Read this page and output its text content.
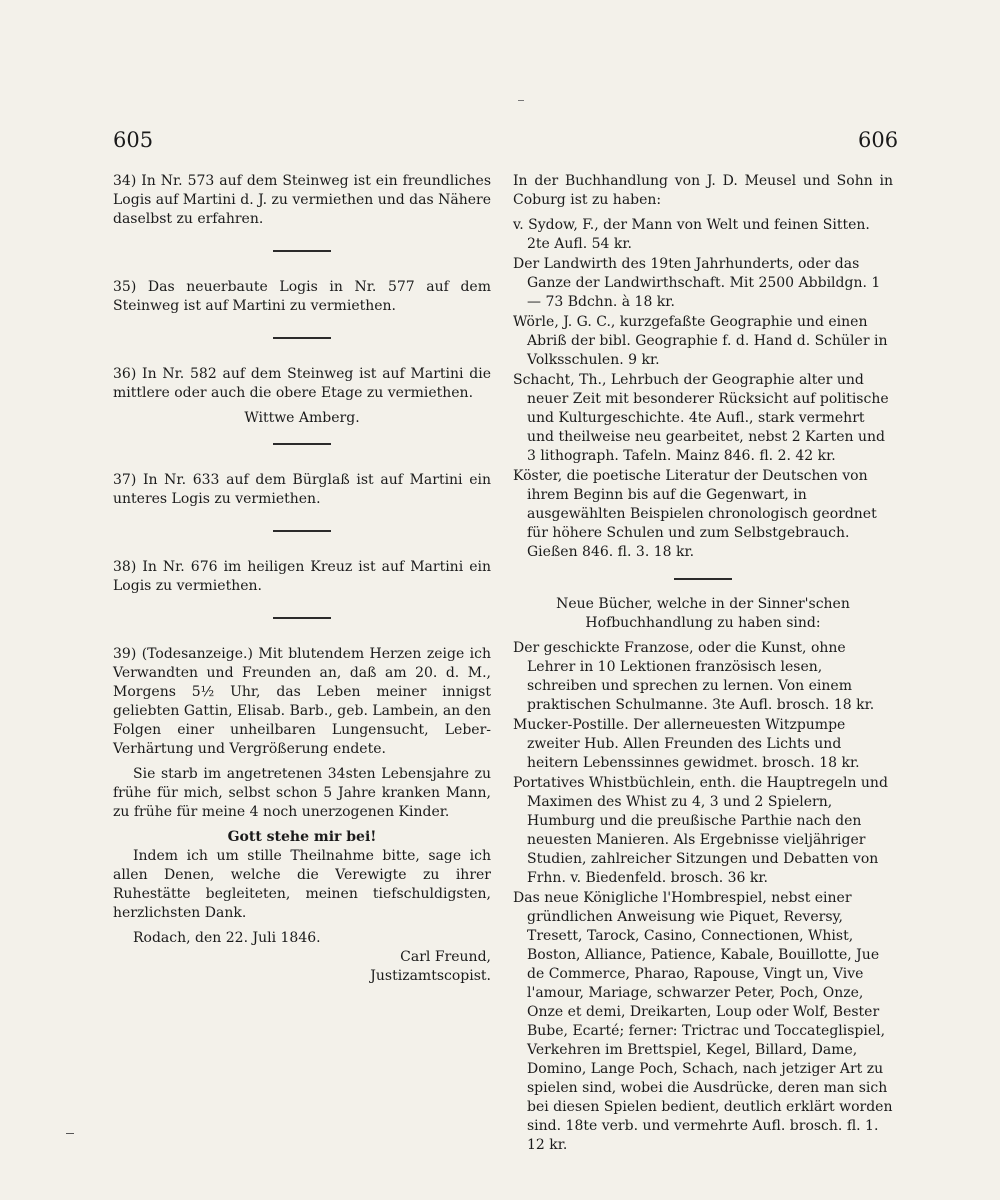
605	606

34) In Nr. 573 auf dem Steinweg ist ein freundliches Logis auf Martini d. J. zu vermiethen und das Nähere daselbst zu erfahren.

35) Das neuerbaute Logis in Nr. 577 auf dem Steinweg ist auf Martini zu vermiethen.

36) In Nr. 582 auf dem Steinweg ist auf Martini die mittlere oder auch die obere Etage zu vermiethen.

Wittwe Amberg.

37) In Nr. 633 auf dem Bürglaß ist auf Martini ein unteres Logis zu vermiethen.

38) In Nr. 676 im heiligen Kreuz ist auf Martini ein Logis zu vermiethen.

39) (Todesanzeige.) Mit blutendem Herzen zeige ich Verwandten und Freunden an, daß am 20. d. M., Morgens 5½ Uhr, das Leben meiner innigst geliebten Gattin, Elisab. Barb., geb. Lambein, an den Folgen einer unheilbaren Lungensucht, Leber-Verhärtung und Vergrößerung endete.

Sie starb im angetretenen 34sten Lebensjahre zu frühe für mich, selbst schon 5 Jahre kranken Mann, zu frühe für meine 4 noch unerzogenen Kinder.

Gott stehe mir bei!

Indem ich um stille Theilnahme bitte, sage ich allen Denen, welche die Verewigte zu ihrer Ruhestätte begleiteten, meinen tiefschuldigsten, herzlichsten Dank.

Rodach, den 22. Juli 1846.

Carl Freund,
Justizamtscopist.

In der Buchhandlung von J. D. Meusel und Sohn in Coburg ist zu haben:

v. Sydow, F., der Mann von Welt und feinen Sitten. 2te Aufl. 54 kr.
Der Landwirth des 19ten Jahrhunderts, oder das Ganze der Landwirthschaft. Mit 2500 Abbildgn. 1 — 73 Bdchn. à 18 kr.
Wörle, J. G. C., kurzgefaßte Geographie und einen Abriß der bibl. Geographie f. d. Hand d. Schüler in Volksschulen. 9 kr.
Schacht, Th., Lehrbuch der Geographie alter und neuer Zeit mit besonderer Rücksicht auf politische und Kulturgeschichte. 4te Aufl., stark vermehrt und theilweise neu gearbeitet, nebst 2 Karten und 3 lithograph. Tafeln. Mainz 846. fl. 2. 42 kr.
Köster, die poetische Literatur der Deutschen von ihrem Beginn bis auf die Gegenwart, in ausgewählten Beispielen chronologisch geordnet für höhere Schulen und zum Selbstgebrauch. Gießen 846. fl. 3. 18 kr.

Neue Bücher, welche in der Sinner'schen Hofbuchhandlung zu haben sind:

Der geschickte Franzose, oder die Kunst, ohne Lehrer in 10 Lektionen französisch lesen, schreiben und sprechen zu lernen. Von einem praktischen Schulmanne. 3te Aufl. brosch. 18 kr.
Mucker-Postille. Der allerneuesten Witzpumpe zweiter Hub. Allen Freunden des Lichts und heitern Lebenssinnes gewidmet. brosch. 18 kr.
Portatives Whistbüchlein, enth. die Hauptregeln und Maximen des Whist zu 4, 3 und 2 Spielern, Humburg und die preußische Parthie nach den neuesten Manieren. Als Ergebnisse vieljähriger Studien, zahlreicher Sitzungen und Debatten von Frhn. v. Biedenfeld. brosch. 36 kr.
Das neue Königliche l'Hombrespiel, nebst einer gründlichen Anweisung wie Piquet, Reversy, Tresett, Tarock, Casino, Connectionen, Whist, Boston, Alliance, Patience, Kabale, Bouillotte, Jue de Commerce, Pharao, Rapouse, Vingt un, Vive l'amour, Mariage, schwarzer Peter, Poch, Onze, Onze et demi, Dreikarten, Loup oder Wolf, Bester Bube, Ecarté; ferner: Trictrac und Toccateglispiel, Verkehren im Brettspiel, Kegel, Billard, Dame, Domino, Lange Poch, Schach, nach jetziger Art zu spielen sind, wobei die Ausdrücke, deren man sich bei diesen Spielen bedient, deutlich erklärt worden sind. 18te verb. und vermehrte Aufl. brosch. fl. 1. 12 kr.
